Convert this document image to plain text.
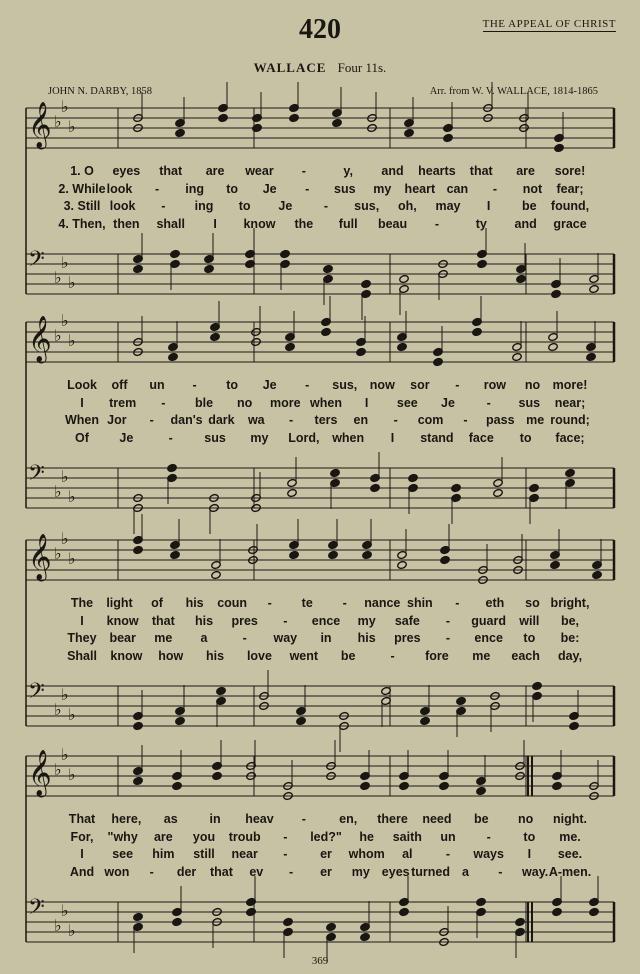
420	THE APPEAL OF CHRIST
WALLACE Four 11s.
JOHN N. DARBY, 1858	Arr. from W. V. WALLACE, 1814-1865
𝄞 ♭
♭
♭
𝄢
♭
♭
♭
1. O eyes that are wear -	y, and hearts that are sore!
2. While look - ing to Je - sus my heart can - not fear;
3. Still look - ing to Je	- sus, oh, may I	be found,
4. Then, then shall I know the full beau -	ty and grace
𝄞 ♭
♭
♭
𝄢
♭
♭
♭
Look off un - to Je - sus, now sor - row no more!
I trem - ble no more when I see Je	- sus near;
When Jor - dan's dark wa - ters en - com - pass me round;
Of Je	-	sus my Lord, when I stand face to face;
𝄞 ♭
♭
♭
𝄢
♭
♭
♭
The light of his coun - te - nance shin - eth so bright,
I know that his pres - ence my safe - guard will be,
They bear me a	- way in his pres - ence to be:
Shall know how his love went be	- fore me each day,
𝄞 ♭
♭
♭
𝄢
♭
♭
♭
That here, as	in heav -	en, there need be no night.
For, "why are you troub - led?" he saith un -	to me.
I see him still near -	er whom al	- ways I see.
And won - der that ev - er my eyes turned a - way. A-men.
369
